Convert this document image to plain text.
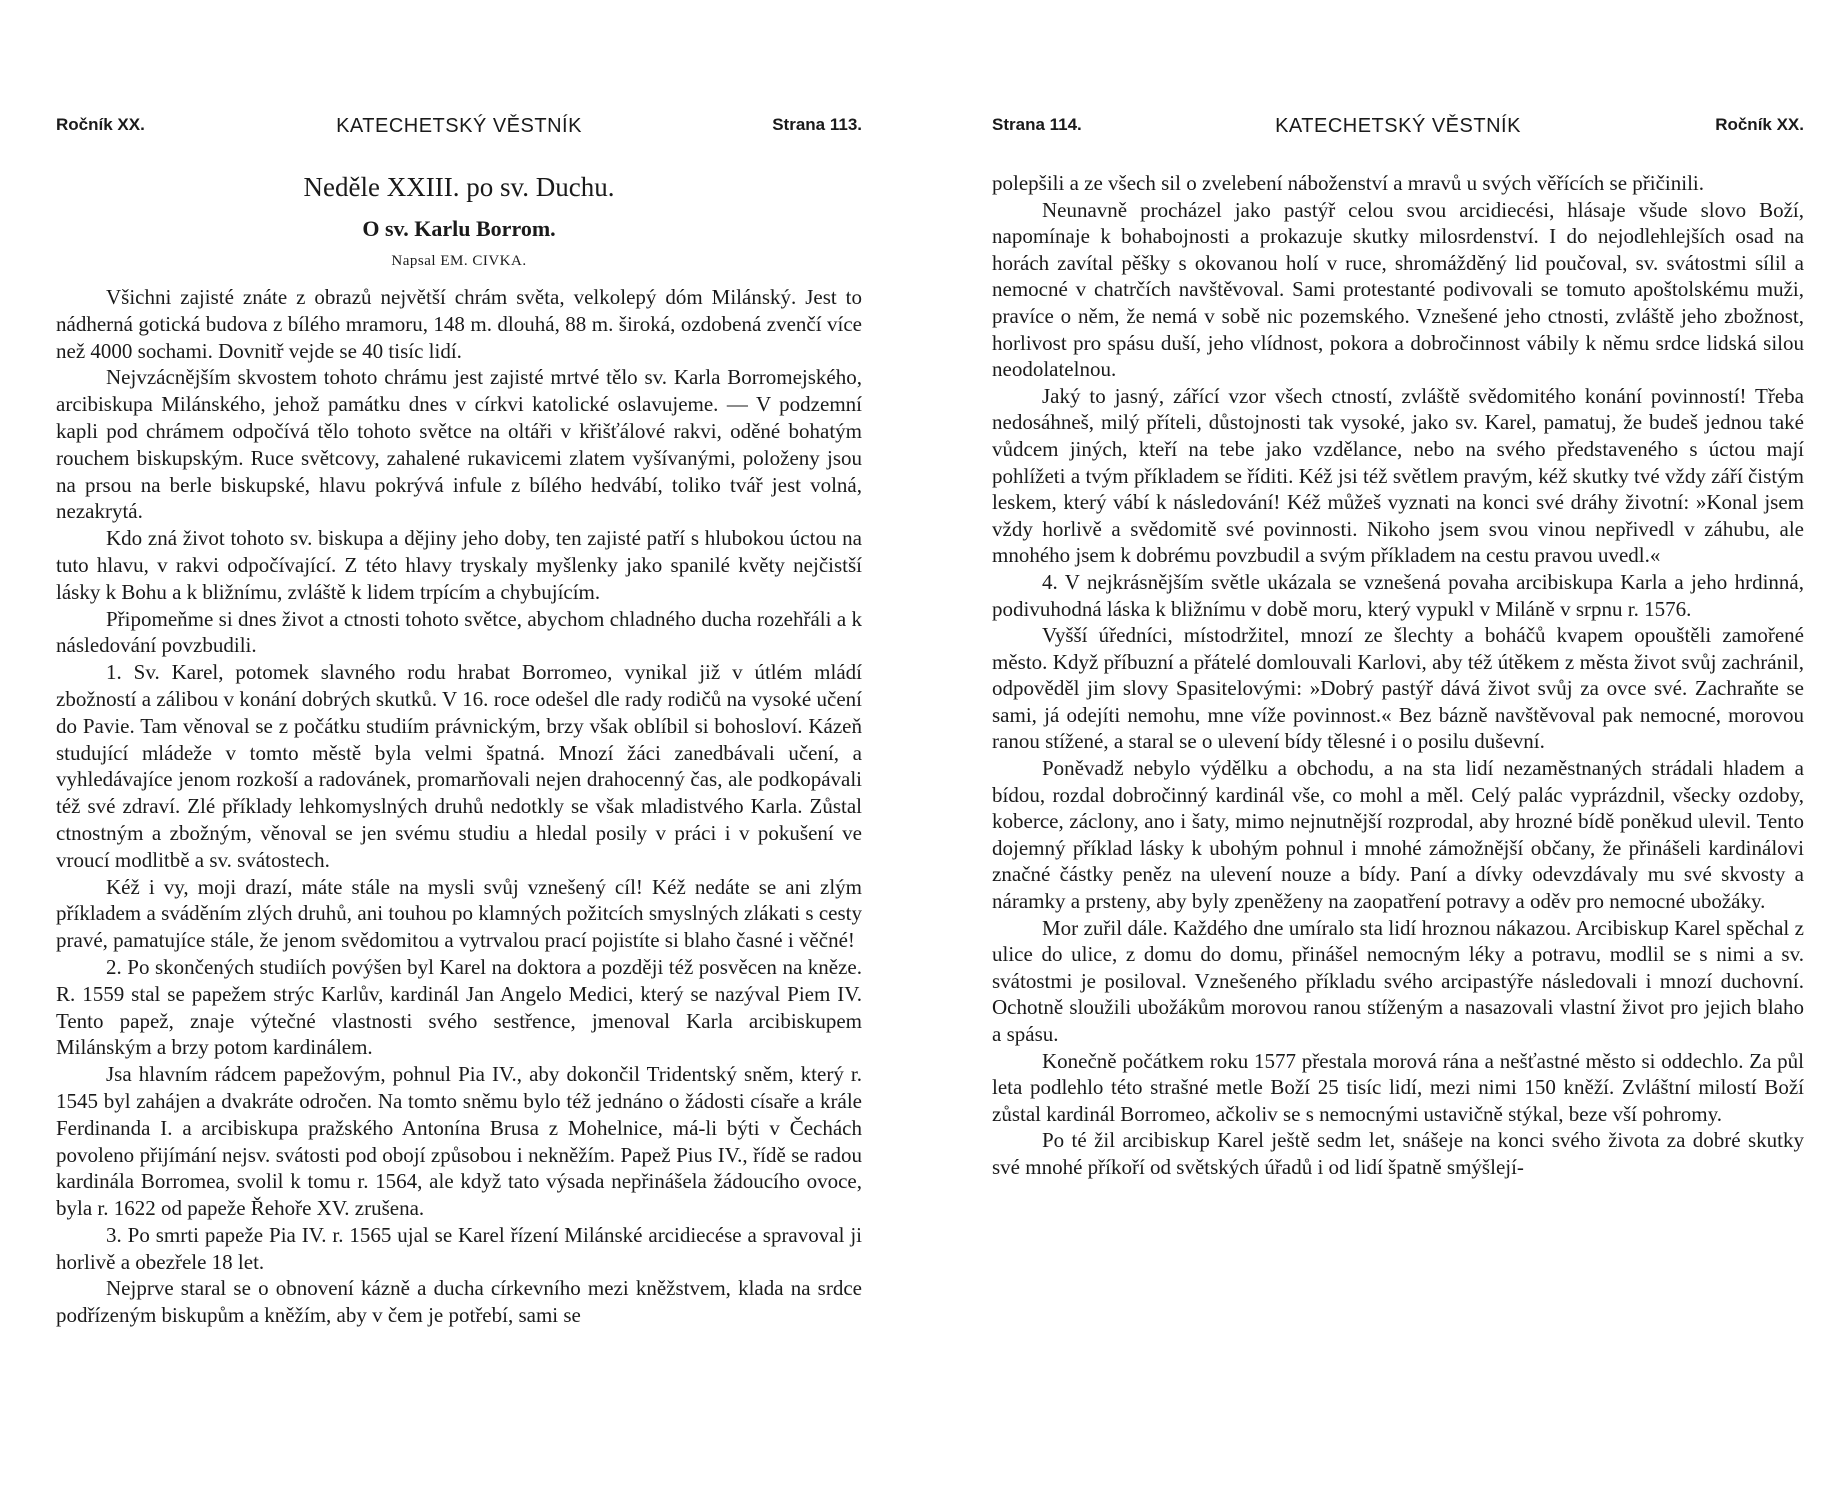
Ročník XX.	KATECHETSKÝ VĚSTNÍK	Strana 113.
Neděle XXIII. po sv. Duchu.
O sv. Karlu Borrom.
Napsal EM. CIVKA.

Všichni zajisté znáte z obrazů největší chrám světa, velkolepý dóm Milánský. Jest to nádherná gotická budova z bílého mramoru, 148 m. dlouhá, 88 m. široká, ozdobená zvenčí více než 4000 sochami. Dovnitř vejde se 40 tisíc lidí.

Nejvzácnějším skvostem tohoto chrámu jest zajisté mrtvé tělo sv. Karla Borromejského, arcibiskupa Milánského, jehož památku dnes v církvi katolické oslavujeme. — V podzemní kapli pod chrámem odpočívá tělo tohoto světce na oltáři v křišťálové rakvi, oděné bohatým rouchem biskupským. Ruce světcovy, zahalené rukavicemi zlatem vyšívanými, položeny jsou na prsou na berle biskupské, hlavu pokrývá infule z bílého hedvábí, toliko tvář jest volná, nezakrytá.

Kdo zná život tohoto sv. biskupa a dějiny jeho doby, ten zajisté patří s hlubokou úctou na tuto hlavu, v rakvi odpočívající. Z této hlavy tryskaly myšlenky jako spanilé květy nejčistší lásky k Bohu a k bližnímu, zvláště k lidem trpícím a chybujícím.

Připomeňme si dnes život a ctnosti tohoto světce, abychom chladného ducha rozehřáli a k následování povzbudili.

1. Sv. Karel, potomek slavného rodu hrabat Borromeo, vynikal již v útlém mládí zbožností a zálibou v konání dobrých skutků. V 16. roce odešel dle rady rodičů na vysoké učení do Pavie. Tam věnoval se z počátku studiím právnickým, brzy však oblíbil si bohosloví. Kázeň studující mládeže v tomto městě byla velmi špatná. Mnozí žáci zanedbávali učení, a vyhledávajíce jenom rozkoší a radovánek, promarňovali nejen drahocenný čas, ale podkopávali též své zdraví. Zlé příklady lehkomyslných druhů nedotkly se však mladistvého Karla. Zůstal ctnostným a zbožným, věnoval se jen svému studiu a hledal posily v práci i v pokušení ve vroucí modlitbě a sv. svátostech.

Kéž i vy, moji drazí, máte stále na mysli svůj vznešený cíl! Kéž nedáte se ani zlým příkladem a sváděním zlých druhů, ani touhou po klamných požitcích smyslných zlákati s cesty pravé, pamatujíce stále, že jenom svědomitou a vytrvalou prací pojistíte si blaho časné i věčné!

2. Po skončených studiích povýšen byl Karel na doktora a později též posvěcen na kněze. R. 1559 stal se papežem strýc Karlův, kardinál Jan Angelo Medici, který se nazýval Piem IV. Tento papež, znaje výtečné vlastnosti svého sestřence, jmenoval Karla arcibiskupem Milánským a brzy potom kardinálem.

Jsa hlavním rádcem papežovým, pohnul Pia IV., aby dokončil Tridentský sněm, který r. 1545 byl zahájen a dvakráte odročen. Na tomto sněmu bylo též jednáno o žádosti císaře a krále Ferdinanda I. a arcibiskupa pražského Antonína Brusa z Mohelnice, má-li býti v Čechách povoleno přijímání nejsv. svátosti pod obojí způsobou i nekněžím. Papež Pius IV., řídě se radou kardinála Borromea, svolil k tomu r. 1564, ale když tato výsada nepřinášela žádoucího ovoce, byla r. 1622 od papeže Řehoře XV. zrušena.

3. Po smrti papeže Pia IV. r. 1565 ujal se Karel řízení Milánské arcidiecése a spravoval ji horlivě a obezřele 18 let.

Nejprve staral se o obnovení kázně a ducha církevního mezi kněžstvem, klada na srdce podřízeným biskupům a kněžím, aby v čem je potřebí, sami se

Strana 114.	KATECHETSKÝ VĚSTNÍK	Ročník XX.

polepšili a ze všech sil o zvelebení náboženství a mravů u svých věřících se přičinili.

Neunavně procházel jako pastýř celou svou arcidiecési, hlásaje všude slovo Boží, napomínaje k bohabojnosti a prokazuje skutky milosrdenství. I do nejodlehlejších osad na horách zavítal pěšky s okovanou holí v ruce, shromážděný lid poučoval, sv. svátostmi sílil a nemocné v chatrčích navštěvoval. Sami protestanté podivovali se tomuto apoštolskému muži, pravíce o něm, že nemá v sobě nic pozemského. Vznešené jeho ctnosti, zvláště jeho zbožnost, horlivost pro spásu duší, jeho vlídnost, pokora a dobročinnost vábily k němu srdce lidská silou neodolatelnou.

Jaký to jasný, zářící vzor všech ctností, zvláště svědomitého konání povinností! Třeba nedosáhneš, milý příteli, důstojnosti tak vysoké, jako sv. Karel, pamatuj, že budeš jednou také vůdcem jiných, kteří na tebe jako vzdělance, nebo na svého představeného s úctou mají pohlížeti a tvým příkladem se říditi. Kéž jsi též světlem pravým, kéž skutky tvé vždy září čistým leskem, který vábí k následování! Kéž můžeš vyznati na konci své dráhy životní: »Konal jsem vždy horlivě a svědomitě své povinnosti. Nikoho jsem svou vinou nepřivedl v záhubu, ale mnohého jsem k dobrému povzbudil a svým příkladem na cestu pravou uvedl.«

4. V nejkrásnějším světle ukázala se vznešená povaha arcibiskupa Karla a jeho hrdinná, podivuhodná láska k bližnímu v době moru, který vypukl v Miláně v srpnu r. 1576.

Vyšší úředníci, místodržitel, mnozí ze šlechty a boháčů kvapem opouštěli zamořené město. Když příbuzní a přátelé domlouvali Karlovi, aby též útěkem z města život svůj zachránil, odpověděl jim slovy Spasitelovými: »Dobrý pastýř dává život svůj za ovce své. Zachraňte se sami, já odejíti nemohu, mne víže povinnost.« Bez bázně navštěvoval pak nemocné, morovou ranou stížené, a staral se o ulevení bídy tělesné i o posilu duševní.

Poněvadž nebylo výdělku a obchodu, a na sta lidí nezaměstnaných strádali hladem a bídou, rozdal dobročinný kardinál vše, co mohl a měl. Celý palác vyprázdnil, všecky ozdoby, koberce, záclony, ano i šaty, mimo nejnutnější rozprodal, aby hrozné bídě poněkud ulevil. Tento dojemný příklad lásky k ubohým pohnul i mnohé zámožnější občany, že přinášeli kardinálovi značné částky peněz na ulevení nouze a bídy. Paní a dívky odevzdávaly mu své skvosty a náramky a prsteny, aby byly zpeněženy na zaopatření potravy a oděv pro nemocné ubožáky.

Mor zuřil dále. Každého dne umíralo sta lidí hroznou nákazou. Arcibiskup Karel spěchal z ulice do ulice, z domu do domu, přinášel nemocným léky a potravu, modlil se s nimi a sv. svátostmi je posiloval. Vznešeného příkladu svého arcipastýře následovali i mnozí duchovní. Ochotně sloužili ubožákům morovou ranou stíženým a nasazovali vlastní život pro jejich blaho a spásu.

Konečně počátkem roku 1577 přestala morová rána a nešťastné město si oddechlo. Za půl leta podlehlo této strašné metle Boží 25 tisíc lidí, mezi nimi 150 kněží. Zvláštní milostí Boží zůstal kardinál Borromeo, ačkoliv se s nemocnými ustavičně stýkal, beze vší pohromy.

Po té žil arcibiskup Karel ještě sedm let, snášeje na konci svého života za dobré skutky své mnohé příkoří od světských úřadů i od lidí špatně smýšlejí-
